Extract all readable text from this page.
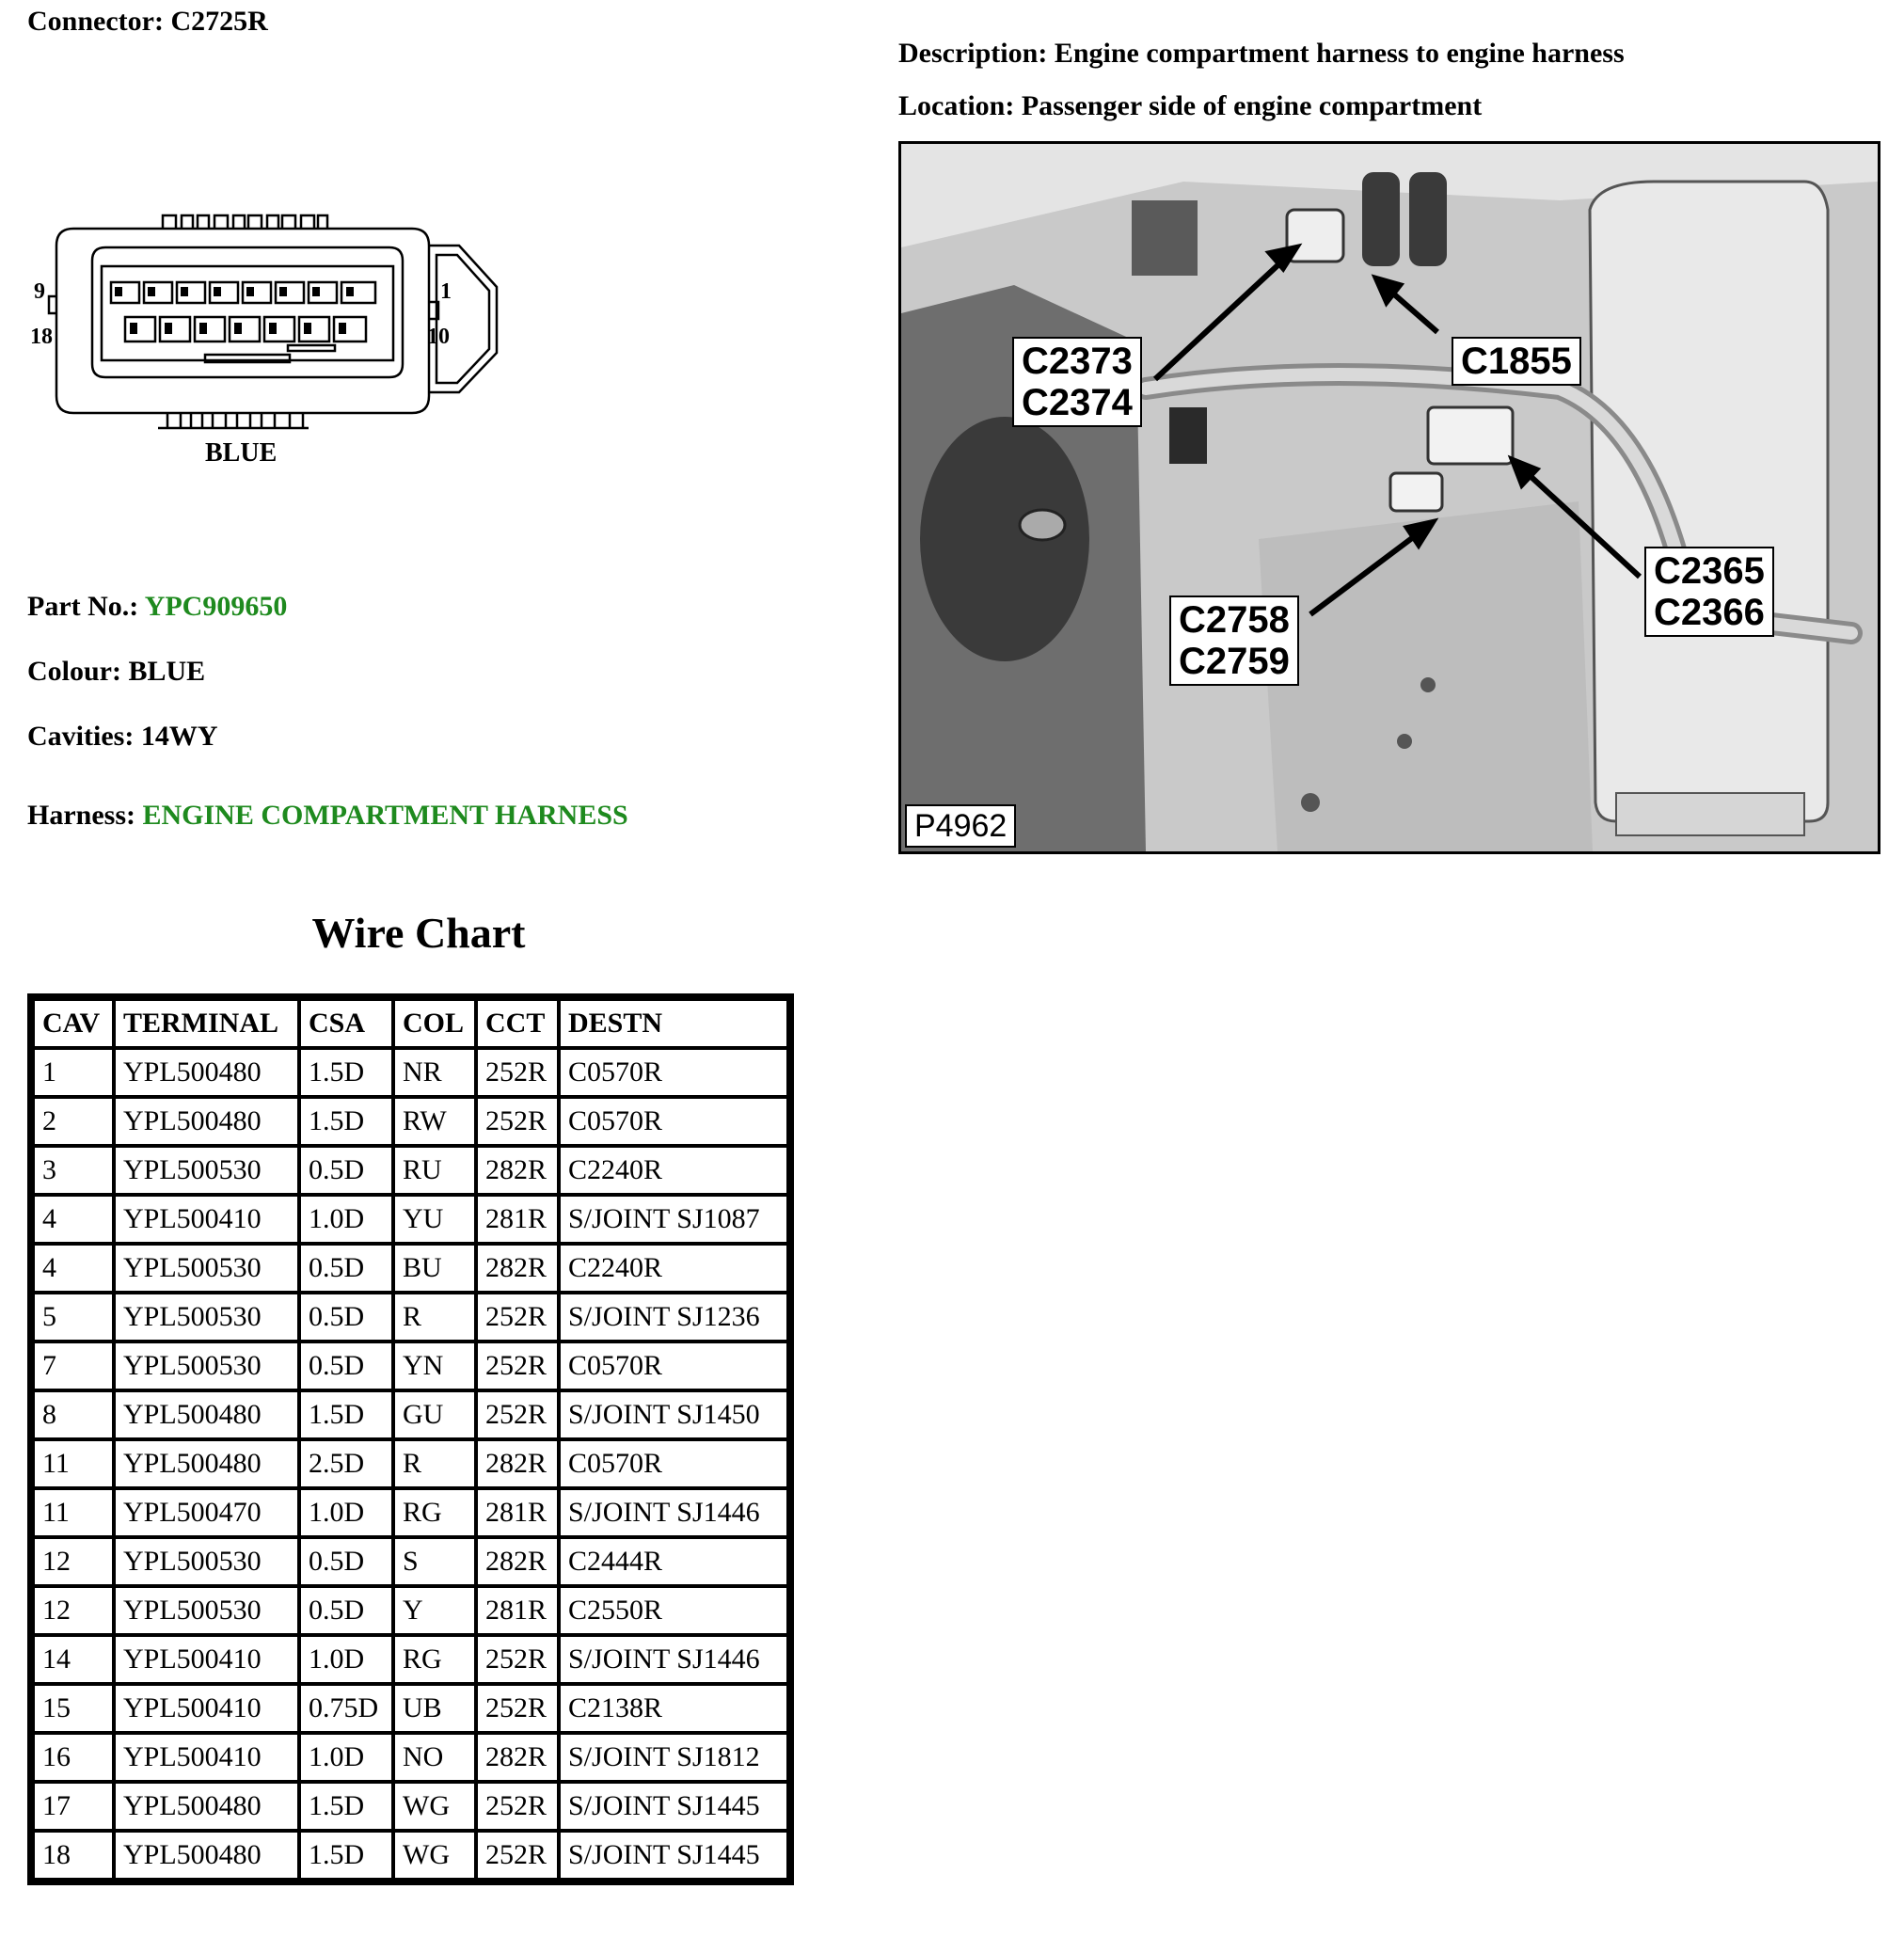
Connector: C2725R
Description: Engine compartment harness to engine harness
Location: Passenger side of engine compartment
9
18
1
10
BLUE
C2373
C2374
C1855
C2365
C2366
C2758
C2759
P4962
Part No.: YPC909650
Colour: BLUE
Cavities: 14WY
Harness: ENGINE COMPARTMENT HARNESS
Wire Chart
CAV	TERMINAL	CSA	COL	CCT	DESTN
1	YPL500480	1.5D	NR	252R	C0570R
2	YPL500480	1.5D	RW	252R	C0570R
3	YPL500530	0.5D	RU	282R	C2240R
4	YPL500410	1.0D	YU	281R	S/JOINT SJ1087
4	YPL500530	0.5D	BU	282R	C2240R
5	YPL500530	0.5D	R	252R	S/JOINT SJ1236
7	YPL500530	0.5D	YN	252R	C0570R
8	YPL500480	1.5D	GU	252R	S/JOINT SJ1450
11	YPL500480	2.5D	R	282R	C0570R
11	YPL500470	1.0D	RG	281R	S/JOINT SJ1446
12	YPL500530	0.5D	S	282R	C2444R
12	YPL500530	0.5D	Y	281R	C2550R
14	YPL500410	1.0D	RG	252R	S/JOINT SJ1446
15	YPL500410	0.75D	UB	252R	C2138R
16	YPL500410	1.0D	NO	282R	S/JOINT SJ1812
17	YPL500480	1.5D	WG	252R	S/JOINT SJ1445
18	YPL500480	1.5D	WG	252R	S/JOINT SJ1445
